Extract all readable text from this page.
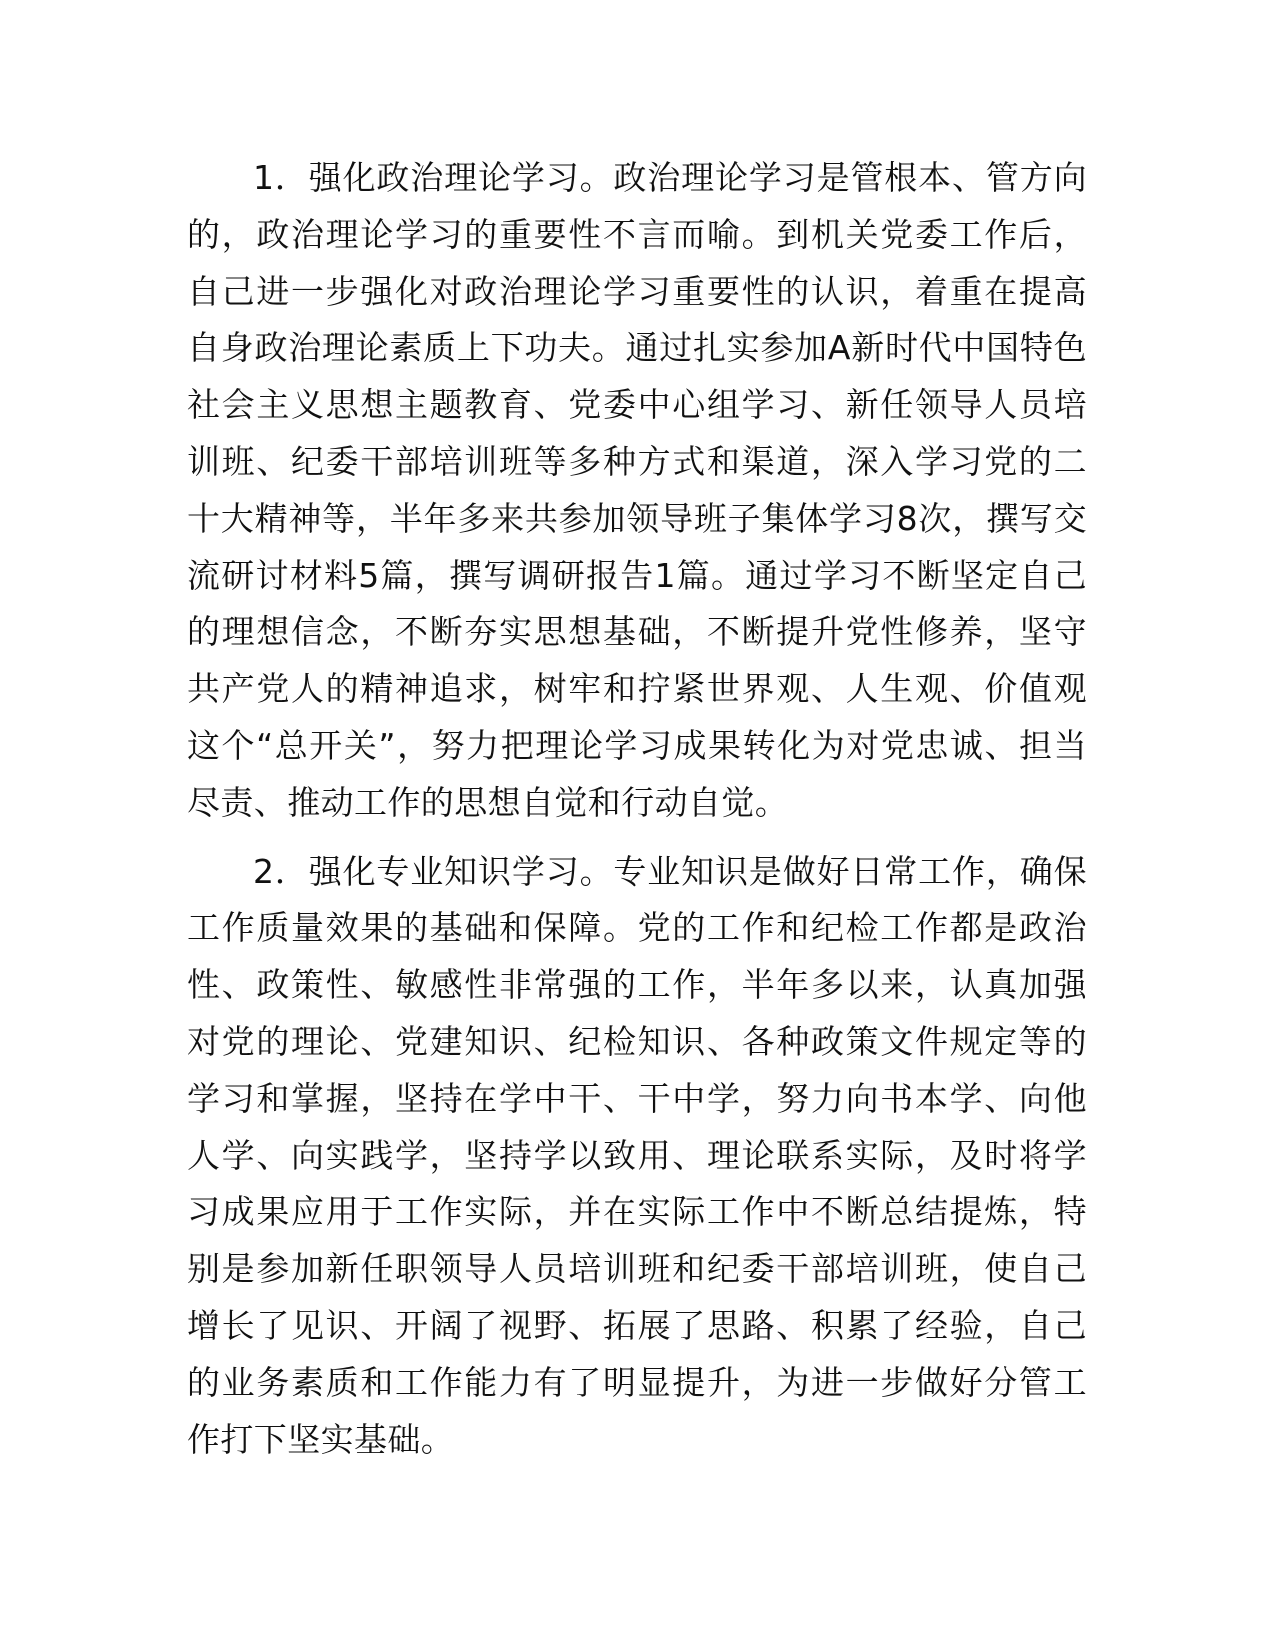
1．强化政治理论学习。政治理论学习是管根本、管方向的，政治理论学习的重要性不言而喻。到机关党委工作后，自己进一步强化对政治理论学习重要性的认识，着重在提高自身政治理论素质上下功夫。通过扎实参加A新时代中国特色社会主义思想主题教育、党委中心组学习、新任领导人员培训班、纪委干部培训班等多种方式和渠道，深入学习党的二十大精神等，半年多来共参加领导班子集体学习8次，撰写交流研讨材料5篇，撰写调研报告1篇。通过学习不断坚定自己的理想信念，不断夯实思想基础，不断提升党性修养，坚守共产党人的精神追求，树牢和拧紧世界观、人生观、价值观这个“总开关”，努力把理论学习成果转化为对党忠诚、担当尽责、推动工作的思想自觉和行动自觉。

2．强化专业知识学习。专业知识是做好日常工作，确保工作质量效果的基础和保障。党的工作和纪检工作都是政治性、政策性、敏感性非常强的工作，半年多以来，认真加强对党的理论、党建知识、纪检知识、各种政策文件规定等的学习和掌握，坚持在学中干、干中学，努力向书本学、向他人学、向实践学，坚持学以致用、理论联系实际，及时将学习成果应用于工作实际，并在实际工作中不断总结提炼，特别是参加新任职领导人员培训班和纪委干部培训班，使自己增长了见识、开阔了视野、拓展了思路、积累了经验，自己的业务素质和工作能力有了明显提升，为进一步做好分管工作打下坚实基础。
